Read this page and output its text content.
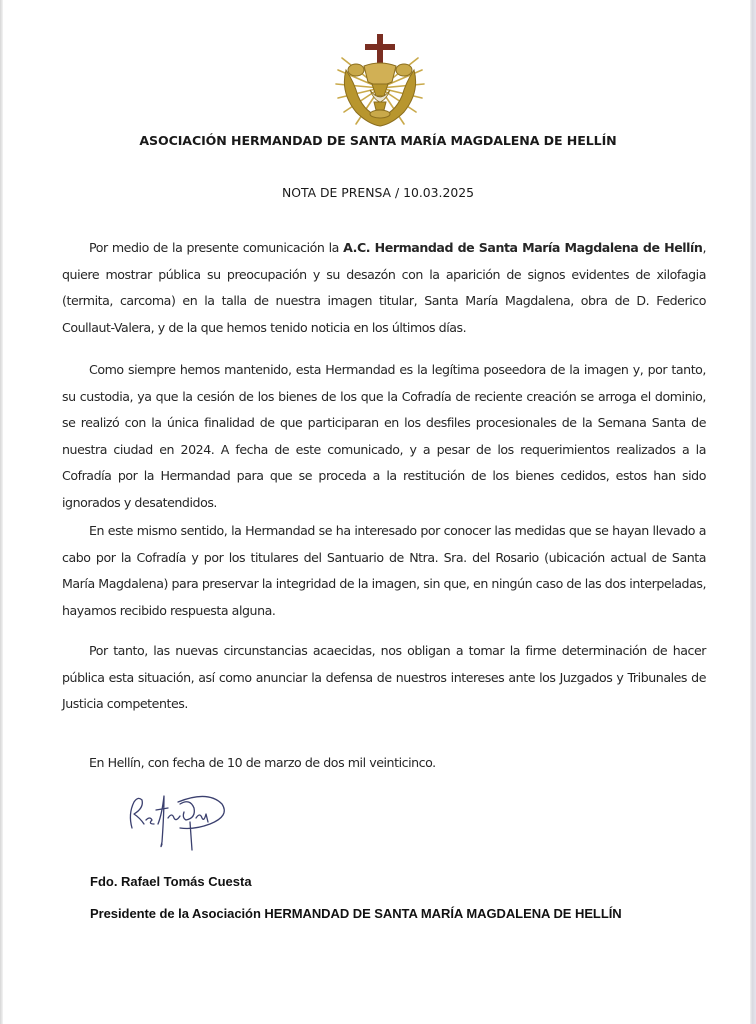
ASOCIACIÓN HERMANDAD DE SANTA MARÍA MAGDALENA DE HELLÍN
NOTA DE PRENSA / 10.03.2025

Por medio de la presente comunicación la A.C. Hermandad de Santa María Magdalena de Hellín, quiere mostrar pública su preocupación y su desazón con la aparición de signos evidentes de xilofagia (termita, carcoma) en la talla de nuestra imagen titular, Santa María Magdalena, obra de D. Federico Coullaut-Valera, y de la que hemos tenido noticia en los últimos días.

Como siempre hemos mantenido, esta Hermandad es la legítima poseedora de la imagen y, por tanto, su custodia, ya que la cesión de los bienes de los que la Cofradía de reciente creación se arroga el dominio, se realizó con la única finalidad de que participaran en los desfiles procesionales de la Semana Santa de nuestra ciudad en 2024. A fecha de este comunicado, y a pesar de los requerimientos realizados a la Cofradía por la Hermandad para que se proceda a la restitución de los bienes cedidos, estos han sido ignorados y desatendidos.

En este mismo sentido, la Hermandad se ha interesado por conocer las medidas que se hayan llevado a cabo por la Cofradía y por los titulares del Santuario de Ntra. Sra. del Rosario (ubicación actual de Santa María Magdalena) para preservar la integridad de la imagen, sin que, en ningún caso de las dos interpeladas, hayamos recibido respuesta alguna.

Por tanto, las nuevas circunstancias acaecidas, nos obligan a tomar la firme determinación de hacer pública esta situación, así como anunciar la defensa de nuestros intereses ante los Juzgados y Tribunales de Justicia competentes.

En Hellín, con fecha de 10 de marzo de dos mil veinticinco.

Fdo. Rafael Tomás Cuesta
Presidente de la Asociación HERMANDAD DE SANTA MARÍA MAGDALENA DE HELLÍN
